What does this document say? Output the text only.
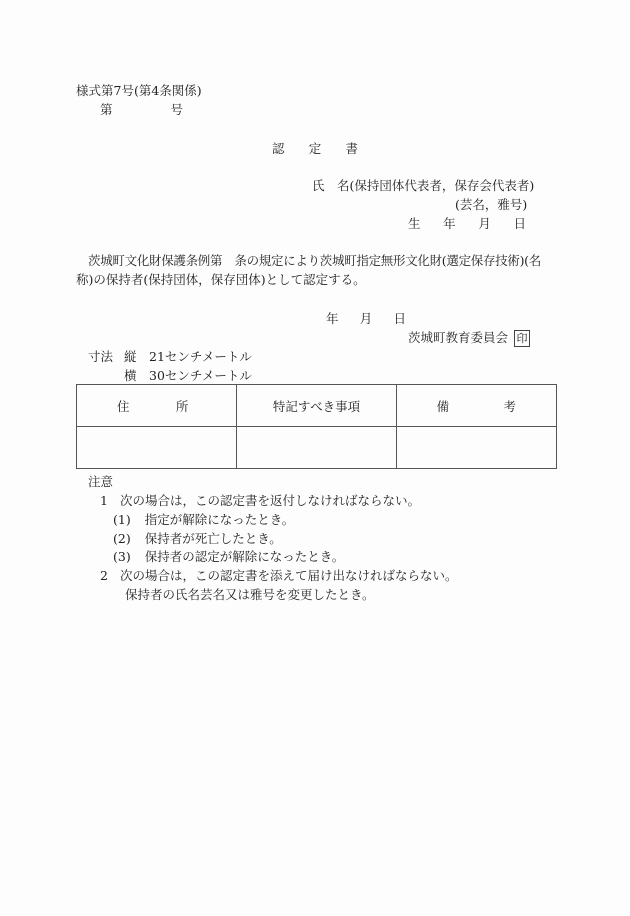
様式第7号(第4条関係)
第	号
認 定 書
氏　名(保持団体代表者，保存会代表者)
(芸名，雅号)
生 年 月 日
茨城町文化財保護条例第　条の規定により茨城町指定無形文化財(選定保存技術)(名
称)の保持者(保持団体，保存団体)として認定する。
年 月 日
茨城町教育委員会 印
寸法 縦　21センチメートル
横　30センチメートル
住 所	特記すべき事項	備 考

注意
1 次の場合は，この認定書を返付しなければならない。
(1) 指定が解除になったとき。
(2) 保持者が死亡したとき。
(3) 保持者の認定が解除になったとき。
2 次の場合は，この認定書を添えて届け出なければならない。
保持者の氏名芸名又は雅号を変更したとき。
